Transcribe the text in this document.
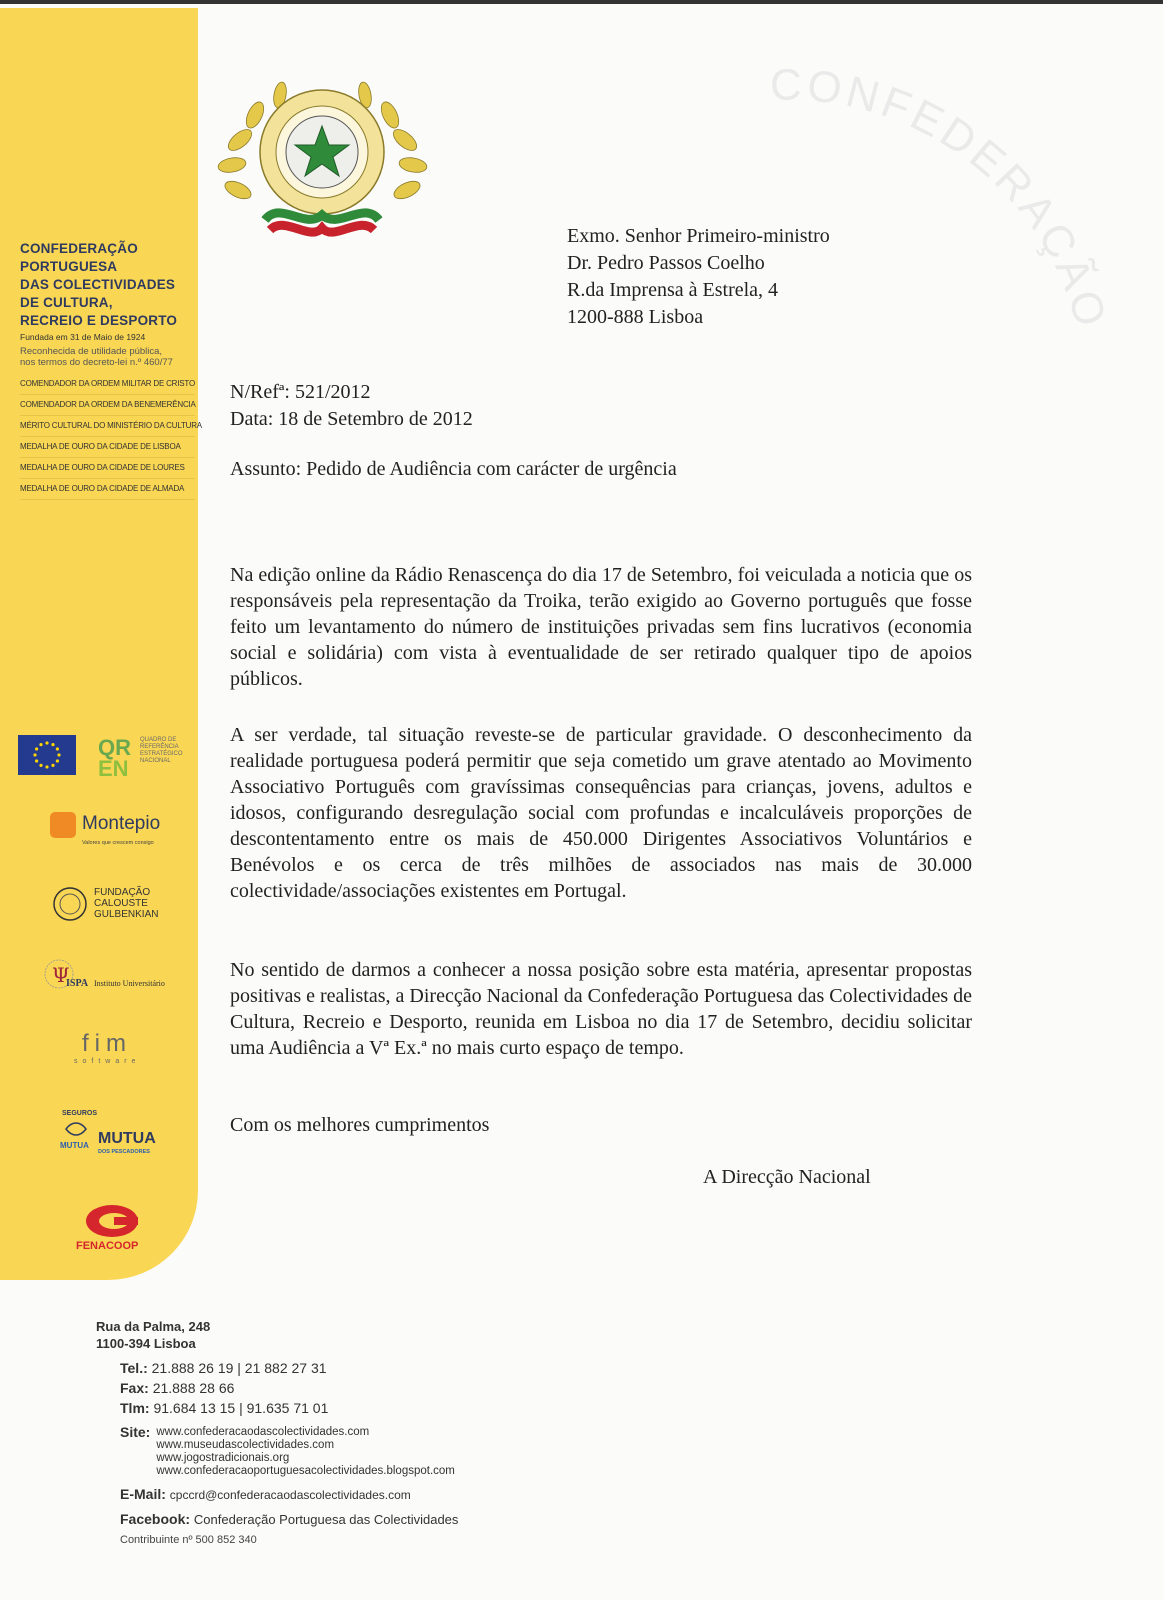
CONFEDERAÇÃO
CONFEDERAÇÃO
PORTUGUESA
DAS COLECTIVIDADES
DE CULTURA,
RECREIO E DESPORTO
Fundada em 31 de Maio de 1924
Reconhecida de utilidade pública, nos termos do decreto-lei n.º 460/77
COMENDADOR DA ORDEM MILITAR DE CRISTO
COMENDADOR DA ORDEM DA BENEMERÊNCIA
MÉRITO CULTURAL DO MINISTÉRIO DA CULTURA
MEDALHA DE OURO DA CIDADE DE LISBOA
MEDALHA DE OURO DA CIDADE DE LOURES
MEDALHA DE OURO DA CIDADE DE ALMADA
QR
EN
QUADRO DE REFERÊNCIA ESTRATÉGICO NACIONAL
Montepio
Valores que crescem consigo
FUNDAÇÃO CALOUSTE GULBENKIAN
Ψ
ISPA Instituto Universitário
fim
software
SEGUROS
MUTUA MUTUA
DOS PESCADORES
FENACOOP
Exmo. Senhor Primeiro-ministro
Dr. Pedro Passos Coelho
R.da Imprensa à Estrela, 4
1200-888 Lisboa
N/Refª: 521/2012
Data: 18 de Setembro de 2012
Assunto: Pedido de Audiência com carácter de urgência
Na edição online da Rádio Renascença do dia 17 de Setembro, foi veiculada a noticia que os responsáveis pela representação da Troika, terão exigido ao Governo português que fosse feito um levantamento do número de instituições privadas sem fins lucrativos (economia social e solidária) com vista à eventualidade de ser retirado qualquer tipo de apoios públicos.
A ser verdade, tal situação reveste-se de particular gravidade. O desconhecimento da realidade portuguesa poderá permitir que seja cometido um grave atentado ao Movimento Associativo Português com gravíssimas consequências para crianças, jovens, adultos e idosos, configurando desregulação social com profundas e incalculáveis proporções de descontentamento entre os mais de 450.000 Dirigentes Associativos Voluntários e Benévolos e os cerca de três milhões de associados nas mais de 30.000 colectividade/associações existentes em Portugal.
No sentido de darmos a conhecer a nossa posição sobre esta matéria, apresentar propostas positivas e realistas, a Direcção Nacional da Confederação Portuguesa das Colectividades de Cultura, Recreio e Desporto, reunida em Lisboa no dia 17 de Setembro, decidiu solicitar uma Audiência a Vª Ex.ª no mais curto espaço de tempo.
Com os melhores cumprimentos
A Direcção Nacional
Rua da Palma, 248
1100-394 Lisboa
Tel.: 21.888 26 19 | 21 882 27 31
Fax: 21.888 28 66
Tlm: 91.684 13 15 | 91.635 71 01
Site: www.confederacaodascolectividades.com
www.museudascolectividades.com
www.jogostradicionais.org
www.confederacaoportuguesacolectividades.blogspot.com
E-Mail: cpccrd@confederacaodascolectividades.com
Facebook: Confederação Portuguesa das Colectividades
Contribuinte nº 500 852 340
